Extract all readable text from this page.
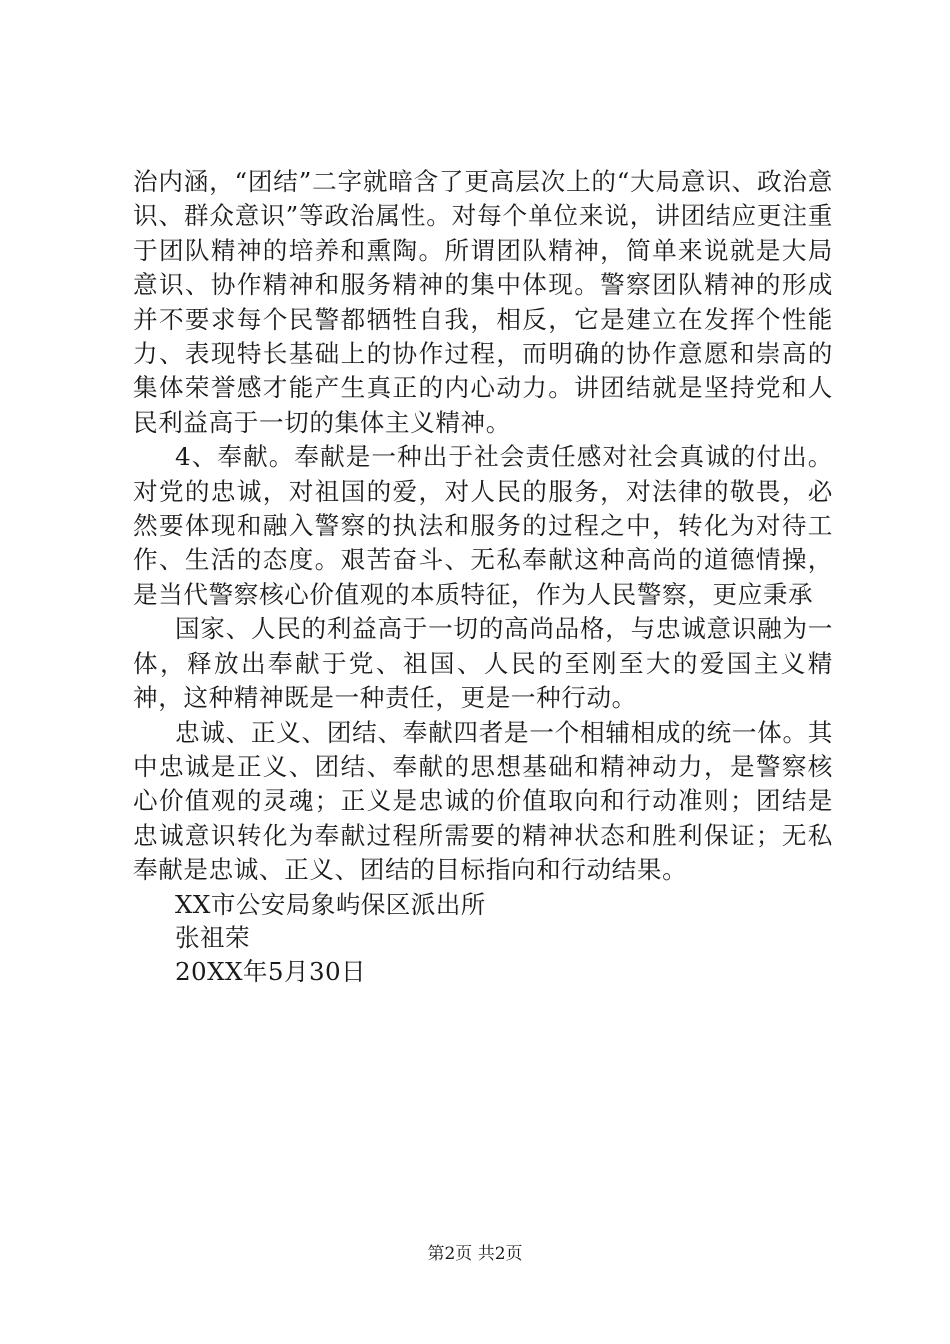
治内涵，“团结”二字就暗含了更高层次上的“大局意识、政治意识、群众意识”等政治属性。对每个单位来说，讲团结应更注重于团队精神的培养和熏陶。所谓团队精神，简单来说就是大局意识、协作精神和服务精神的集中体现。警察团队精神的形成并不要求每个民警都牺牲自我，相反，它是建立在发挥个性能力、表现特长基础上的协作过程，而明确的协作意愿和崇高的集体荣誉感才能产生真正的内心动力。讲团结就是坚持党和人民利益高于一切的集体主义精神。

4、奉献。奉献是一种出于社会责任感对社会真诚的付出。对党的忠诚，对祖国的爱，对人民的服务，对法律的敬畏，必然要体现和融入警察的执法和服务的过程之中，转化为对待工作、生活的态度。艰苦奋斗、无私奉献这种高尚的道德情操，是当代警察核心价值观的本质特征，作为人民警察，更应秉承

国家、人民的利益高于一切的高尚品格，与忠诚意识融为一体，释放出奉献于党、祖国、人民的至刚至大的爱国主义精神，这种精神既是一种责任，更是一种行动。

忠诚、正义、团结、奉献四者是一个相辅相成的统一体。其中忠诚是正义、团结、奉献的思想基础和精神动力，是警察核心价值观的灵魂；正义是忠诚的价值取向和行动准则；团结是忠诚意识转化为奉献过程所需要的精神状态和胜利保证；无私奉献是忠诚、正义、团结的目标指向和行动结果。

XX市公安局象屿保区派出所

张祖荣

20XX年5月30日

第2页 共2页
